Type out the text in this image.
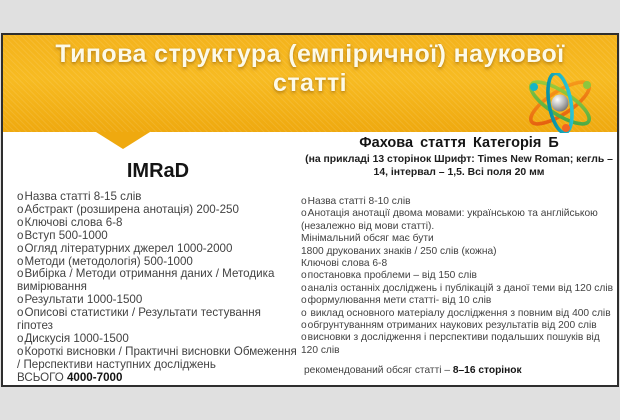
Типова структура (емпіричної) наукової
статті
IMRaD
oНазва статті 8-15 слів
oАбстракт (розширена анотація) 200-250
oКлючові слова 6-8
oВступ 500-1000
oОгляд літературних джерел 1000-2000
oМетоди (методологія) 500-1000
oВибірка / Методи отримання даних / Методика вимірювання
oРезультати 1000-1500
oОписові статистики / Результати тестування гіпотез
oДискусія 1000-1500
oКороткі висновки / Практичні висновки Обмеження / Перспективи наступних досліджень
ВСЬОГО 4000-7000
Фахова стаття Категорія Б
(на прикладі 13 сторінок Шрифт: Times New Roman; кегль – 14, інтервал – 1,5. Всі поля 20 мм
oНазва статті 8-10 слів
oАнотація анотації двома мовами: українською та англійською (незалежно від мови статті).
Мінімальний обсяг має бути
1800 друкованих знаків / 250 слів (кожна)
Ключові слова 6-8
oпостановка проблеми – від 150 слів
oаналіз останніх досліджень і публікацій з даної теми від 120 слів
oформулювання мети статті- від 10 слів
o виклад основного матеріалу дослідження з повним від 400 слів
oобгрунтуванням отриманих наукових результатів від 200 слів
oвисновки з дослідження і перспективи подальших пошуків від 120 слів
рекомендований обсяг статті – 8–16 сторінок
